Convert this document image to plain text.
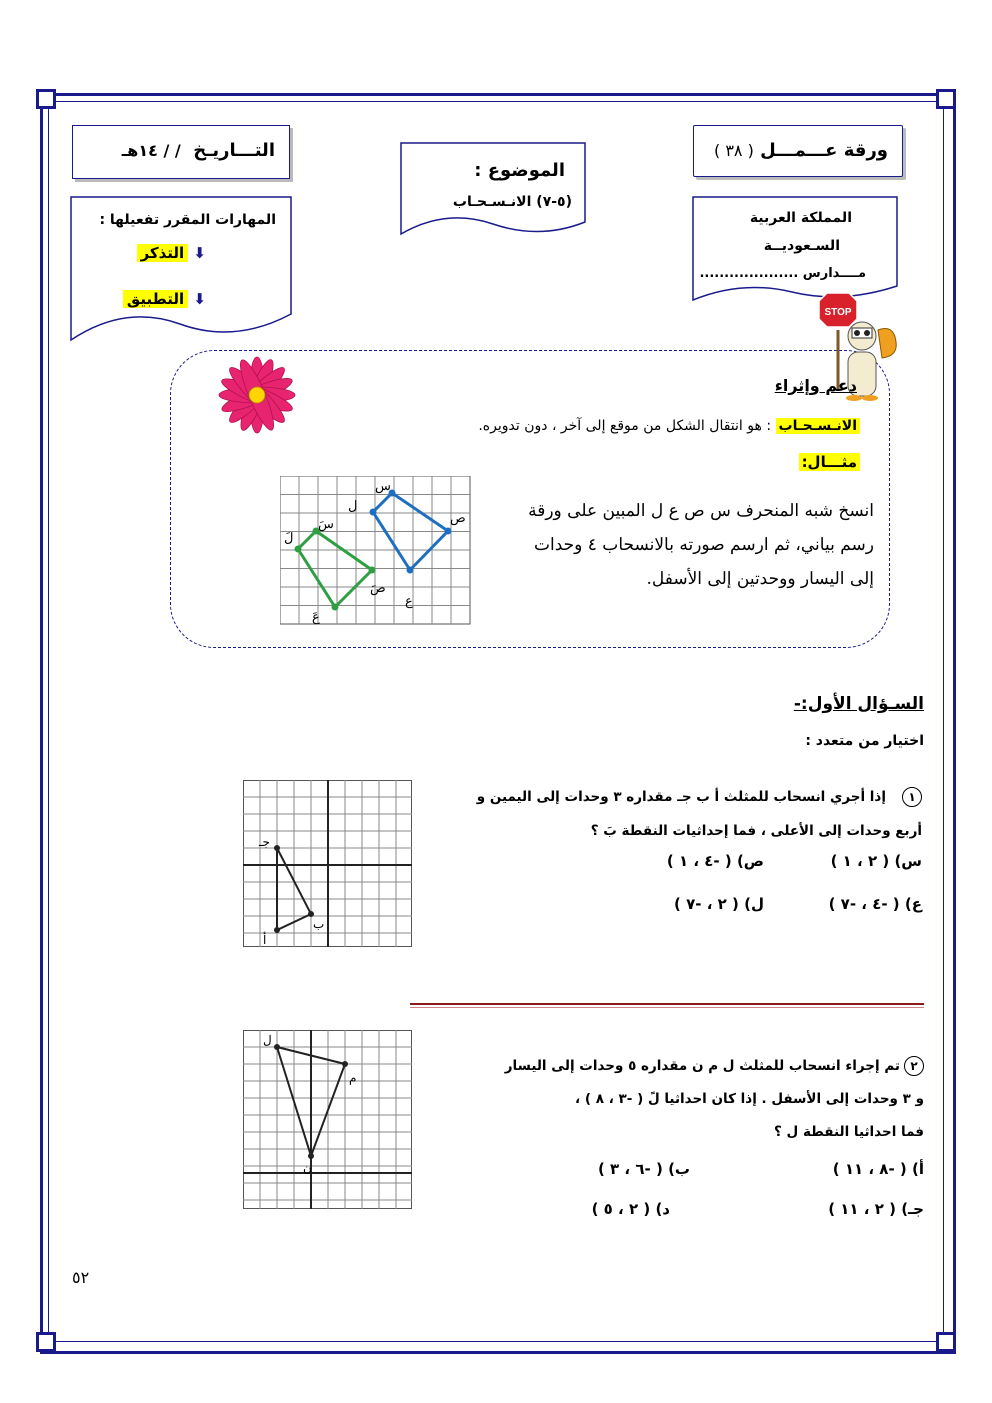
ورقة عـــمـــل ( ٣٨ )
الموضوع :
(٥-٧) الانـسـحـاب
التـــاريـخ  / / ١٤هـ
المملكة العربية
السـعوديــة
مــــدارس ....................
المهارات المقرر تفعيلها :
⬇ التذكر
⬇ التطبيق
STOP
دعم وإثراء
الانـسـحـاب : هو انتقال الشكل من موقع إلى آخر ، دون تدويره.
مثـــال:
انسخ شبه المنحرف س ص ع ل المبين على ورقة
رسم بياني، ثم ارسم صورته بالانسحاب ٤ وحدات
إلى اليسار ووحدتين إلى الأسفل.
س
ص
ع
ل
سَ
صَ
عَ
لَ
السـؤال الأول:-
اختيار من متعدد :
١إذا أجري انسحاب للمثلث أ ب جـ مقداره ٣ وحدات إلى اليمين و
أربع وحدات إلى الأعلى ، فما إحداثيات النقطة بَ ؟
س) ( ٢ ، ١ )
ص) ( -٤ ، ١ )
ع) ( -٤ ، -٧ )
ل) ( ٢ ، -٧ )
جـ
ب
أ
٢تم إجراء انسحاب للمثلث ل م ن مقداره ٥ وحدات إلى اليسار
و ٣ وحدات إلى الأسفل . إذا كان احداثيا لً ( -٣ ، ٨ ) ،
فما احداثيا النقطة ل ؟
أ) ( -٨ ، ١١ )
ب) ( -٦ ، ٣ )
جـ) ( ٢ ، ١١ )
د) ( ٢ ، ٥ )
ل
م
ن
٥٢
